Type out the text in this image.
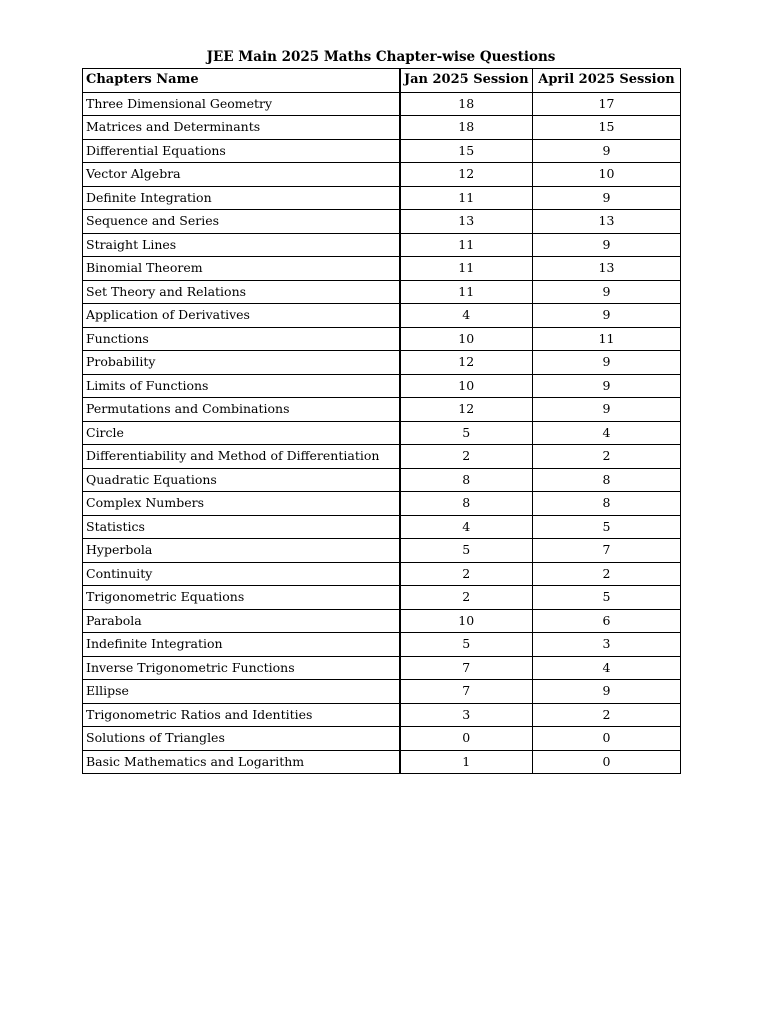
JEE Main 2025 Maths Chapter-wise Questions
Chapters Name	Jan 2025 Session	April 2025 Session
Three Dimensional Geometry	18	17
Matrices and Determinants	18	15
Differential Equations	15	9
Vector Algebra	12	10
Definite Integration	11	9
Sequence and Series	13	13
Straight Lines	11	9
Binomial Theorem	11	13
Set Theory and Relations	11	9
Application of Derivatives	4	9
Functions	10	11
Probability	12	9
Limits of Functions	10	9
Permutations and Combinations	12	9
Circle	5	4
Differentiability and Method of Differentiation	2	2
Quadratic Equations	8	8
Complex Numbers	8	8
Statistics	4	5
Hyperbola	5	7
Continuity	2	2
Trigonometric Equations	2	5
Parabola	10	6
Indefinite Integration	5	3
Inverse Trigonometric Functions	7	4
Ellipse	7	9
Trigonometric Ratios and Identities	3	2
Solutions of Triangles	0	0
Basic Mathematics and Logarithm	1	0
